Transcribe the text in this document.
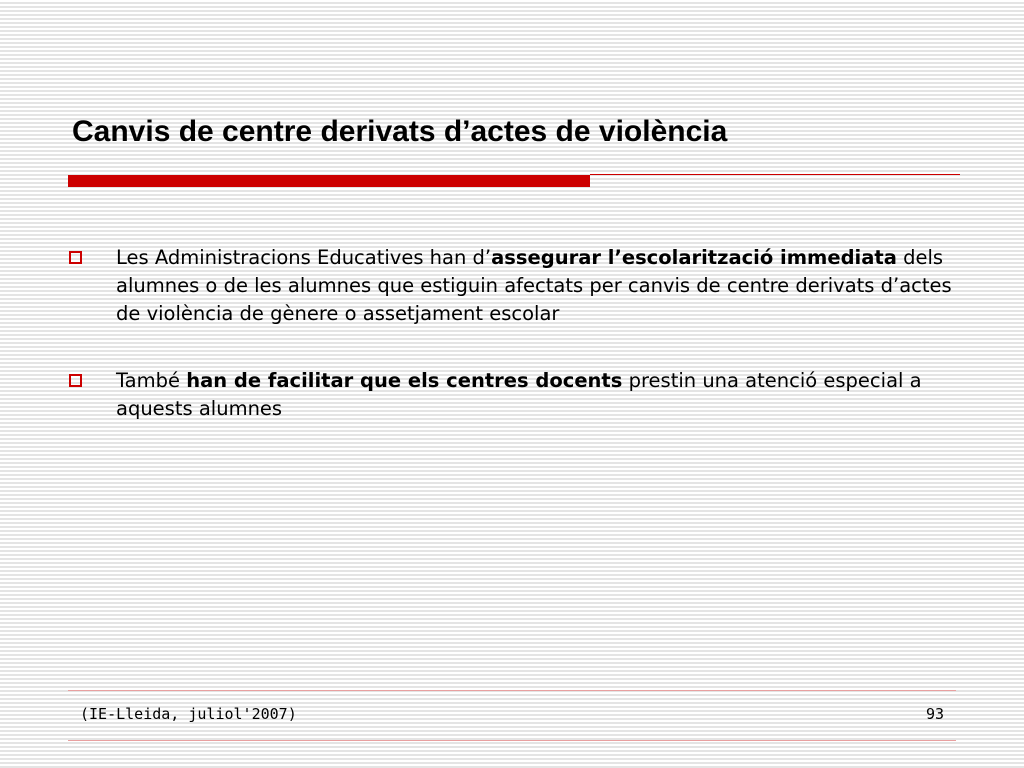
Canvis de centre derivats d’actes de violència
Les Administracions Educatives han d’assegurar l’escolarització immediata dels alumnes o de les alumnes que estiguin afectats per canvis de centre derivats d’actes de violència de gènere o assetjament escolar
També han de facilitar que els centres docents prestin una atenció especial a aquests alumnes
(IE-Lleida, juliol'2007)	93
